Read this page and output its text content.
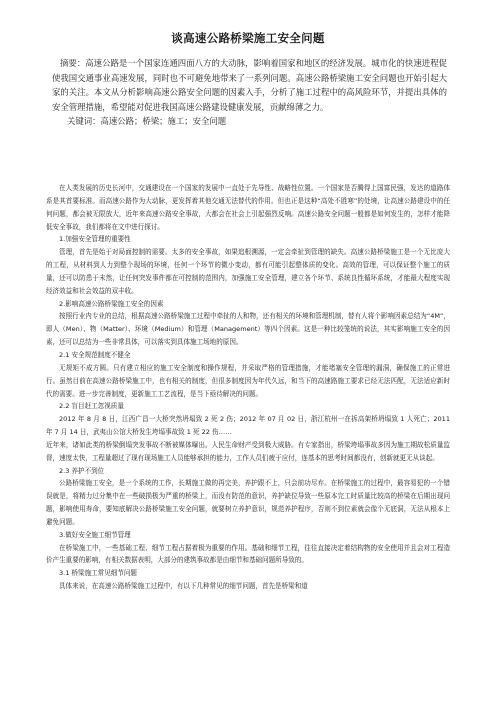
谈高速公路桥梁施工安全问题

摘要：高速公路是一个国家连通四面八方的大动脉，影响着国家和地区的经济发展。城市化的快速进程促使我国交通事业高速发展，同时也不可避免地带来了一系列问题。高速公路桥梁施工安全问题也开始引起大家的关注。本文从分析影响高速公路安全问题的因素入手，分析了施工过程中的高风险环节，并提出具体的安全管理措施，希望能对促进我国高速公路建设健康发展，贡献绵薄之力。

关键词：高速公路；桥梁；施工；安全问题

在人类发展的历史长河中，交通建设在一个国家的发展中一直处于先导性、战略性位置。一个国家是否腾得上国富民强，发达的道路体系是其首要标准。而高速公路作为大动脉，更发挥着其他交通无法替代的作用。但也正是这种“高处不胜寒”的处境，让高速公路建设中的任何问题，都会被无限放大，近年来高速公路安全事故，大都会在社会上引起强烈反响。高速公路安全问题一般都是如何发生的，怎样才能降低安全事故，我们都将在文中进行探讨。

1.加强安全管理的重要性

管理，首先是始于对局面控制的需要。太多的安全事故，如果追根溯源，一定会牵扯到管理的缺失。高速公路桥梁施工是一个无比庞大的工程，从材料到人力到整个现场的环境，任何一个环节的微小变动，都有可能引起整体质的变化。高效的管理，可以保证整个施工的质量，还可以防患于未然，让任何突发事件都在可控制的范围内，加强施工安全管理，建立各个环节、系统良性循环系统，才能最大程度实现经济效益和社会效益的双丰收。

2.影响高速公路桥梁施工安全的因素

按照行业内专业的总结，根据高速公路桥梁施工过程中牵扯的人和物，还有相关的环境和管理机制，替有人将个影响因素总结为“4M”，即人（Men）、物（Matter）、环境（Medium）和管理（Management）等四个因素。这是一种比较笼统的说法，其实影响施工安全的因素，还可以总结为一些非常具体，可以落实到具体施工场地的原因。

2.1 安全规范制度不健全

无规矩不成方圆。只有建立相应的施工安全制度和操作规程，并采取严格的管理措施，才能堵塞安全管理的漏洞，确保施工的正常进行。虽然目前在高速公路桥梁施工中，也有相关的制度，但很多制度因为年代久远，和当下的高速路施工要求已经无法匹配，无法适应新时代的需要。进一步完善制度，更新施工工艺流程，是当下亟待解决的问题。

2.2 盲目赶工忽视质量

2012 年 8 月 8 日，江西广昌一大桥突然坍塌致 2 死 2 伤；2012 年 07 月 02 日，浙江杭州一在拆高架桥坍塌致 1 人死亡；2011 年 7 月 14 日，武夷山公馆大桥发生垮塌事故致 1 死 22 伤……

近年来，诸如此类的桥梁倒塌突发事故不断被媒体曝出。人民生命财产受到极大威胁。有专家指出，桥梁垮塌事故多因为施工期故松质量监督，速度太快，工程量超过了现有现场施工人员能够承担的能力，工作人员们疲于应付，连基本的思考时间都没有，创新就更无从谈起。

2.3 养护不到位

公路桥梁施工安全，是一个系统的工作，长期施工做的再完美，养护跟不上，只会前功尽弃。在桥梁施工的过程中，最容易犯的一个错误就是，将精力过分集中在一些破损极为严重的桥梁上，而没有防范的意识，养护缺位导致一些原本完工时质量比较高的桥梁在后期出现问题，影响使用寿命，要知底解决公路桥梁施工安全问题，就要树立养护意识，规范养护程序，否则不到位素就会像个无底洞，无法从根本上避免问题。

3.做好安全施工细节管理

在桥梁施工中，一些基础工程、细节工程占据着极为重要的作用。基础和细节工程，往往直接决定着结构物的安全使用并且会对工程造价产生重要的影响，有相关数据表明，大部分的建筑事故都是由细节和基础问题所导致的。

3.1 桥梁施工常见细节问题

具体来说，在高速公路桥梁施工过程中，有以下几种常见的细节问题，首先是桥梁和道
